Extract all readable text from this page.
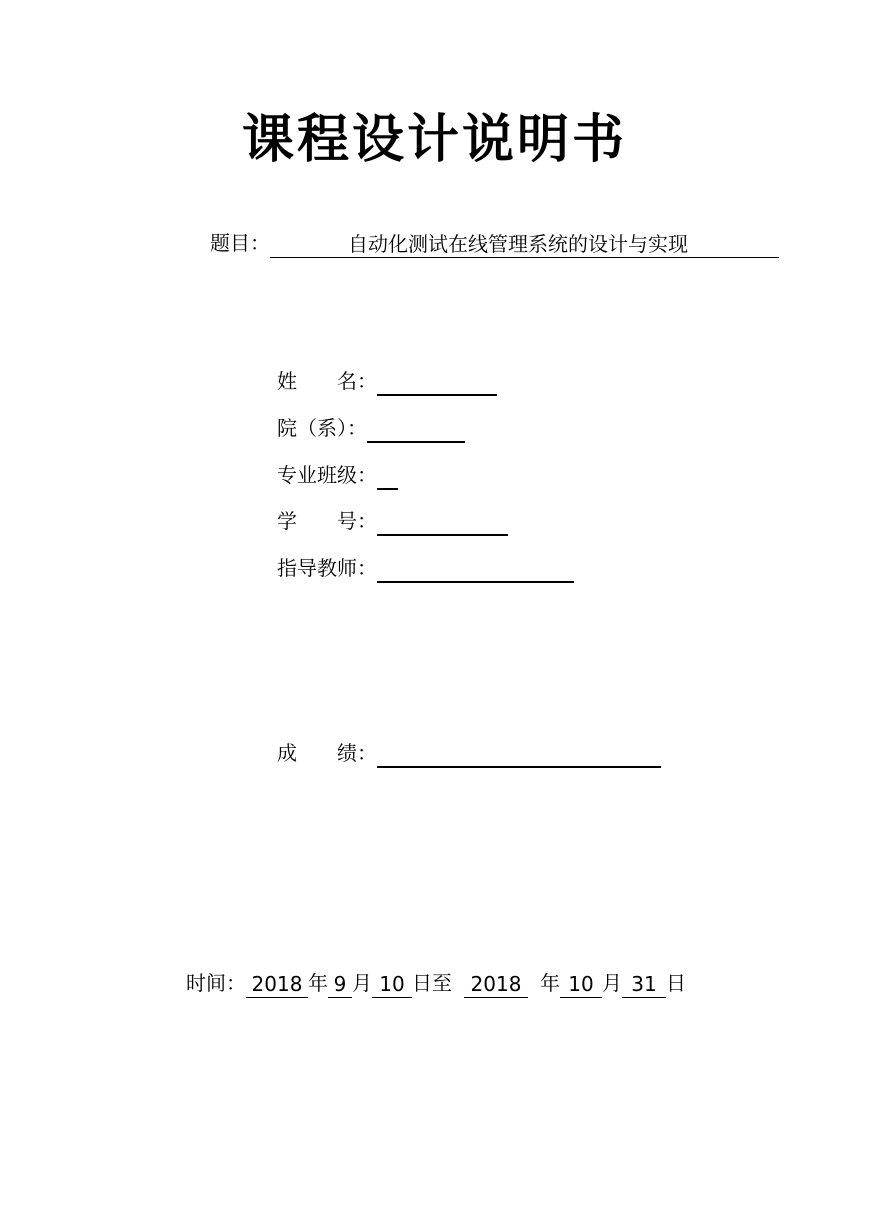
课程设计说明书
题目：	自动化测试在线管理系统的设计与实现
姓　　名：
院（系）：
专业班级：
学　　号：
指导教师：
成　　绩：
时间： 2018 年 9 月 10 日至 2018 年 10 月 31 日
